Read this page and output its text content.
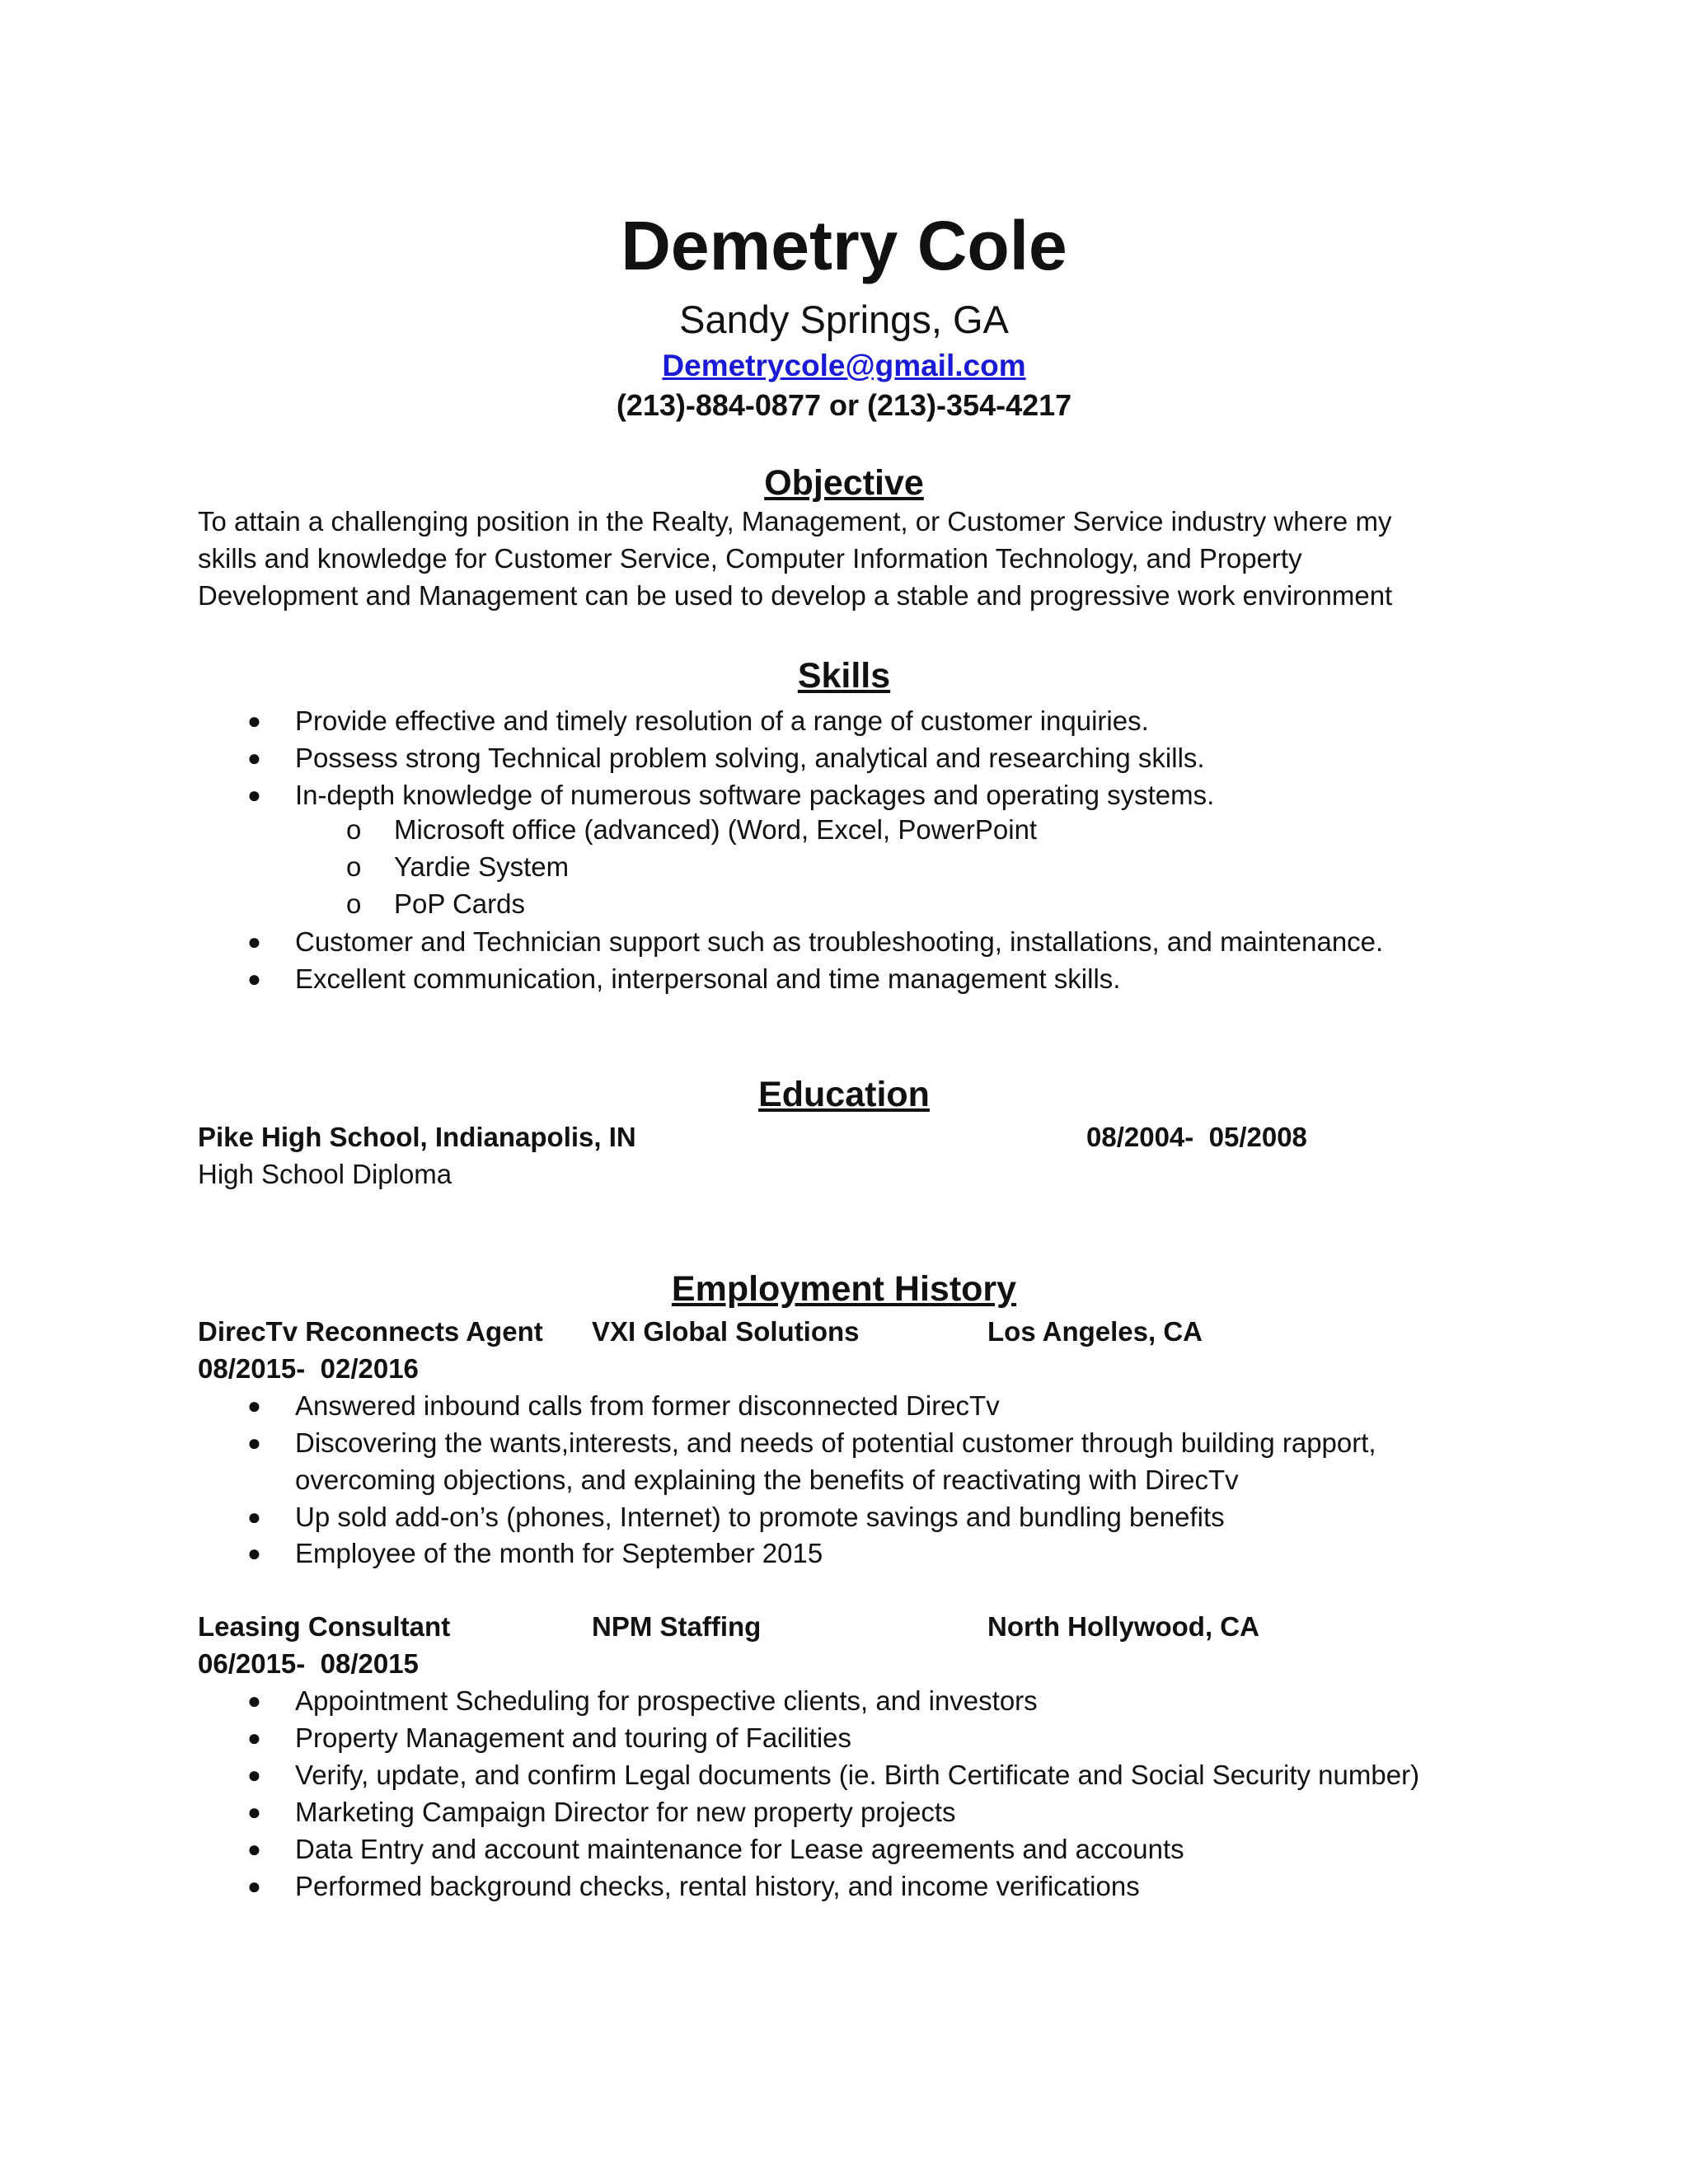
Demetry Cole
Sandy Springs, GA
Demetrycole@gmail.com
(213)-884-0877 or (213)-354-4217
Objective
To attain a challenging position in the Realty, Management, or Customer Service industry where my
skills and knowledge for Customer Service, Computer Information Technology, and Property
Development and Management can be used to develop a stable and progressive work environment
Skills
● Provide effective and timely resolution of a range of customer inquiries.
● Possess strong Technical problem solving, analytical and researching skills.
● In-depth knowledge of numerous software packages and operating systems.
o Microsoft office (advanced) (Word, Excel, PowerPoint
o Yardie System
o PoP Cards
● Customer and Technician support such as troubleshooting, installations, and maintenance.
● Excellent communication, interpersonal and time management skills.
Education
Pike High School, Indianapolis, IN	08/2004-  05/2008
High School Diploma
Employment History
DirecTv Reconnects Agent VXI Global Solutions	Los Angeles, CA
08/2015-  02/2016
● Answered inbound calls from former disconnected DirecTv
● Discovering the wants,interests, and needs of potential customer through building rapport,
overcoming objections, and explaining the benefits of reactivating with DirecTv
● Up sold add-on’s (phones, Internet) to promote savings and bundling benefits
● Employee of the month for September 2015
Leasing Consultant	NPM Staffing	North Hollywood, CA
06/2015-  08/2015
● Appointment Scheduling for prospective clients, and investors
● Property Management and touring of Facilities
● Verify, update, and confirm Legal documents (ie. Birth Certificate and Social Security number)
● Marketing Campaign Director for new property projects
● Data Entry and account maintenance for Lease agreements and accounts
● Performed background checks, rental history, and income verifications
